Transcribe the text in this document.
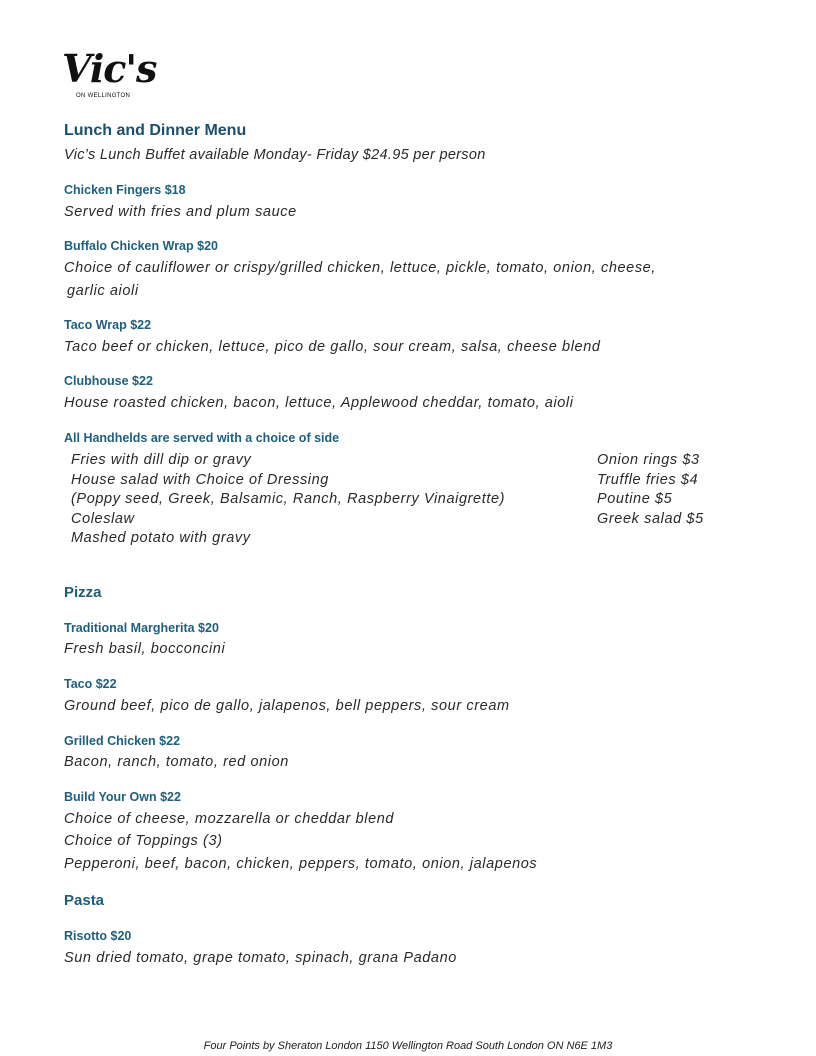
Vic's
ON WELLINGTON
Lunch and Dinner Menu
Vic’s Lunch Buffet available Monday- Friday $24.95 per person
Chicken Fingers $18
Served with fries and plum sauce
Buffalo Chicken Wrap $20
Choice of cauliflower or crispy/grilled chicken, lettuce, pickle, tomato, onion, cheese,
garlic aioli
Taco Wrap $22
Taco beef or chicken, lettuce, pico de gallo, sour cream, salsa, cheese blend
Clubhouse $22
House roasted chicken, bacon, lettuce, Applewood cheddar, tomato, aioli
All Handhelds are served with a choice of side
Fries with dill dip or gravy
House salad with Choice of Dressing
(Poppy seed, Greek, Balsamic, Ranch, Raspberry Vinaigrette)
Coleslaw
Mashed potato with gravy
Onion rings $3
Truffle fries $4
Poutine $5
Greek salad $5
Pizza
Traditional Margherita $20
Fresh basil, bocconcini
Taco $22
Ground beef, pico de gallo, jalapenos, bell peppers, sour cream
Grilled Chicken $22
Bacon, ranch, tomato, red onion
Build Your Own $22
Choice of cheese, mozzarella or cheddar blend
Choice of Toppings (3)
Pepperoni, beef, bacon, chicken, peppers, tomato, onion, jalapenos
Pasta
Risotto $20
Sun dried tomato, grape tomato, spinach, grana Padano
Four Points by Sheraton London 1150 Wellington Road South London ON N6E 1M3
